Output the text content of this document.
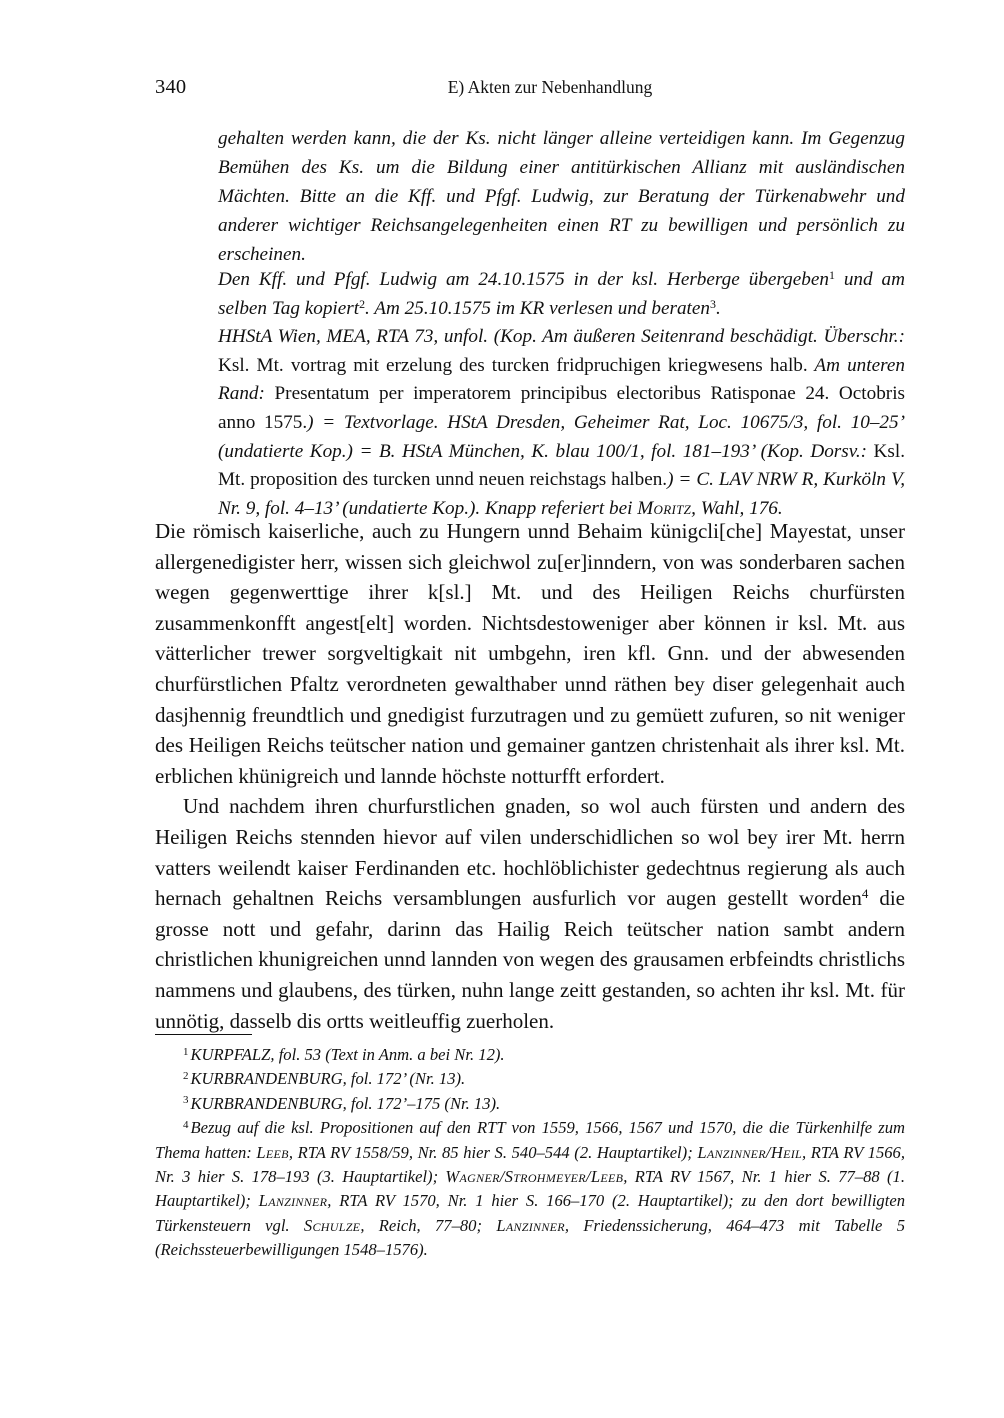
340	E) Akten zur Nebenhandlung
gehalten werden kann, die der Ks. nicht länger alleine verteidigen kann. Im Gegenzug Bemühen des Ks. um die Bildung einer antitürkischen Allianz mit ausländischen Mächten. Bitte an die Kff. und Pfgf. Ludwig, zur Beratung der Türkenabwehr und anderer wichtiger Reichsangelegenheiten einen RT zu bewilligen und persönlich zu erscheinen.
Den Kff. und Pfgf. Ludwig am 24.10.1575 in der ksl. Herberge übergeben$^1$ und am selben Tag kopiert$^2$. Am 25.10.1575 im KR verlesen und beraten$^3$.
HHStA Wien, MEA, RTA 73, unfol. (Kop. Am äußeren Seitenrand beschädigt. Überschr.: Ksl. Mt. vortrag mit erzelung des turcken fridpruchigen kriegwesens halb. Am unteren Rand: Presentatum per imperatorem principibus electoribus Ratisponae 24. Octobris anno 1575.) = Textvorlage. HStA Dresden, Geheimer Rat, Loc. 10675/3, fol. 10–25’ (undatierte Kop.) = B. HStA München, K. blau 100/1, fol. 181–193’ (Kop. Dorsv.: Ksl. Mt. proposition des turcken unnd neuen reichstags halben.) = C. LAV NRW R, Kurköln V, Nr. 9, fol. 4–13’ (undatierte Kop.). Knapp referiert bei Moritz, Wahl, 176.

Die römisch kaiserliche, auch zu Hungern unnd Behaim künigcli[che] Mayestat, unser allergenedigister herr, wissen sich gleichwol zu[er]inndern, von was sonderbaren sachen wegen gegenwerttige ihrer k[sl.] Mt. und des Heiligen Reichs churfürsten zusammenkonfft angest[elt] worden. Nichtsdestoweniger aber können ir ksl. Mt. aus vätterlicher trewer sorgveltigkait nit umbgehn, iren kfl. Gnn. und der abwesenden churfürstlichen Pfaltz verordneten gewalthaber unnd räthen bey diser gelegenhait auch dasjhennig freundtlich und gnedigist furzutragen und zu gemüett zufuren, so nit weniger des Heiligen Reichs teütscher nation und gemainer gantzen christenhait als ihrer ksl. Mt. erblichen khünigreich und lannde höchste notturfft erfordert.

Und nachdem ihren churfurstlichen gnaden, so wol auch fürsten und andern des Heiligen Reichs stennden hievor auf vilen underschidlichen so wol bey irer Mt. herrn vatters weilendt kaiser Ferdinanden etc. hochlöblichister gedechtnus regierung als auch hernach gehaltnen Reichs versamblungen ausfurlich vor augen gestellt worden$^4$ die grosse nott und gefahr, darinn das Hailig Reich teütscher nation sambt andern christlichen khunigreichen unnd lannden von wegen des grausamen erbfeindts christlichs nammens und glaubens, des türken, nuhn lange zeitt gestanden, so achten ihr ksl. Mt. für unnötig, dasselb dis ortts weitleuffig zuerholen.

$^1$ KURPFALZ, fol. 53 (Text in Anm. a bei Nr. 12).

$^2$ KURBRANDENBURG, fol. 172’ (Nr. 13).

$^3$ KURBRANDENBURG, fol. 172’–175 (Nr. 13).

$^4$ Bezug auf die ksl. Propositionen auf den RTT von 1559, 1566, 1567 und 1570, die die Türkenhilfe zum Thema hatten: Leeb, RTA RV 1558/59, Nr. 85 hier S. 540–544 (2. Hauptartikel); Lanzinner/Heil, RTA RV 1566, Nr. 3 hier S. 178–193 (3. Hauptartikel); Wagner/Strohmeyer/Leeb, RTA RV 1567, Nr. 1 hier S. 77–88 (1. Hauptartikel); Lanzinner, RTA RV 1570, Nr. 1 hier S. 166–170 (2. Hauptartikel); zu den dort bewilligten Türkensteuern vgl. Schulze, Reich, 77–80; Lanzinner, Friedenssicherung, 464–473 mit Tabelle 5 (Reichssteuerbewilligungen 1548–1576).
